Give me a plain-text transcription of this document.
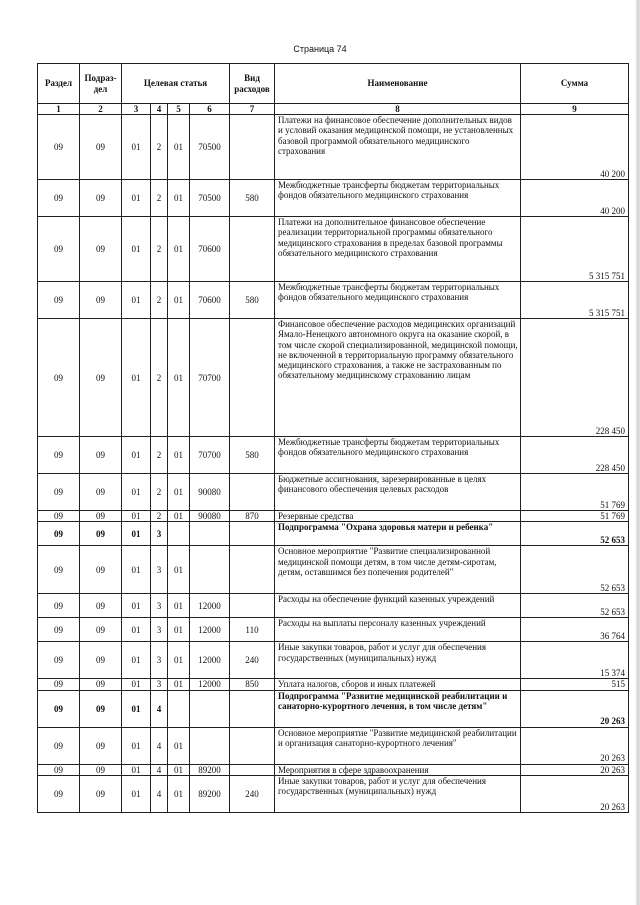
Страница 74
Раздел	Подраз-дел	Целевая статья				Вид расходов	Наименование	Сумма
1	2	3	4	5	6	7	8	9
09	09	01	2	01	70500		Платежи на финансовое обеспечение дополнительных видов и условий оказания медицинской помощи, не установленных базовой программой обязательного медицинского страхования	40 200
09	09	01	2	01	70500	580	Межбюджетные трансферты бюджетам территориальных фондов обязательного медицинского страхования	40 200
09	09	01	2	01	70600		Платежи на дополнительное финансовое обеспечение реализации территориальной программы обязательного медицинского страхования в пределах базовой программы обязательного медицинского страхования	5 315 751
09	09	01	2	01	70600	580	Межбюджетные трансферты бюджетам территориальных фондов обязательного медицинского страхования	5 315 751
09	09	01	2	01	70700		Финансовое обеспечение расходов медицинских организаций Ямало-Ненецкого автономного округа на оказание скорой, в том числе скорой специализированной, медицинской помощи, не включенной в территориальную программу обязательного медицинского страхования, а также не застрахованным по обязательному медицинскому страхованию лицам	228 450
09	09	01	2	01	70700	580	Межбюджетные трансферты бюджетам территориальных фондов обязательного медицинского страхования	228 450
09	09	01	2	01	90080		Бюджетные ассигнования, зарезервированные в целях финансового обеспечения целевых расходов	51 769
09	09	01	2	01	90080	870	Резервные средства	51 769
09	09	01	3				Подпрограмма "Охрана здоровья матери и ребенка"	52 653
09	09	01	3	01			Основное мероприятие "Развитие специализированной медицинской помощи детям, в том числе детям-сиротам, детям, оставшимся без попечения родителей"	52 653
09	09	01	3	01	12000		Расходы на обеспечение функций казенных учреждений	52 653
09	09	01	3	01	12000	110	Расходы на выплаты персоналу казенных учреждений	36 764
09	09	01	3	01	12000	240	Иные закупки товаров, работ и услуг для обеспечения государственных (муниципальных) нужд	15 374
09	09	01	3	01	12000	850	Уплата налогов, сборов и иных платежей	515
09	09	01	4				Подпрограмма "Развитие медицинской реабилитации и санаторно-курортного лечения, в том числе детям"	20 263
09	09	01	4	01			Основное мероприятие "Развитие медицинской реабилитации и организация санаторно-курортного лечения"	20 263
09	09	01	4	01	89200		Мероприятия в сфере здравоохранения	20 263
09	09	01	4	01	89200	240	Иные закупки товаров, работ и услуг для обеспечения государственных (муниципальных) нужд	20 263
